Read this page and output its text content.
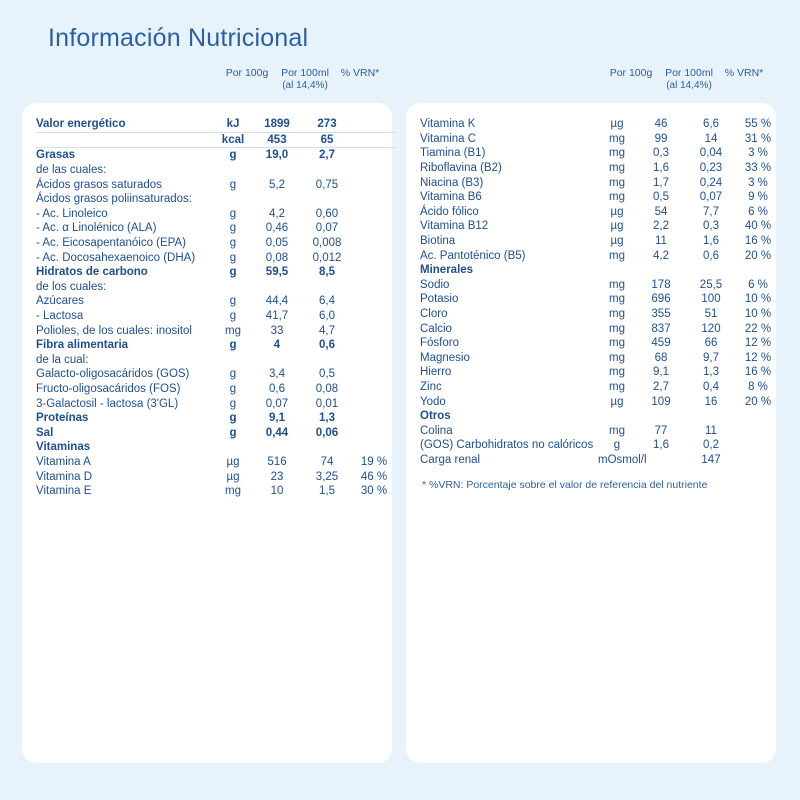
Información Nutricional
Por 100g	Por 100ml
(al 14,4%)
% VRN*
Valor energético	kJ	1899	273	
	kcal	453	65	
Grasas	g	19,0	2,7	
de las cuales:				
Ácidos grasos saturados	g	5,2	0,75	
Ácidos grasos poliinsaturados:				
- Ac. Linoleico	g	4,2	0,60	
- Ac. α Linolénico (ALA)	g	0,46	0,07	
- Ac. Eicosapentanóico (EPA)	g	0,05	0,008	
- Ac. Docosahexaenoico (DHA)	g	0,08	0,012	
Hidratos de carbono	g	59,5	8,5	
de los cuales:				
Azúcares	g	44,4	6,4	
- Lactosa	g	41,7	6,0	
Polioles, de los cuales: inositol	mg	33	4,7	
Fibra alimentaria	g	4	0,6	
de la cual:				
Galacto-oligosacáridos (GOS)	g	3,4	0,5	
Fructo-oligosacáridos (FOS)	g	0,6	0,08	
3-Galactosil - lactosa (3'GL)	g	0,07	0,01	
Proteínas	g	9,1	1,3	
Sal	g	0,44	0,06	
Vitaminas				
Vitamina A	µg	516	74	19 %
Vitamina D	µg	23	3,25	46 %
Vitamina E	mg	10	1,5	30 %
Por 100g	Por 100ml
(al 14,4%)
% VRN*
Vitamina K	µg	46	6,6	55 %
Vitamina C	mg	99	14	31 %
Tiamina (B1)	mg	0,3	0,04	3 %
Riboflavina (B2)	mg	1,6	0,23	33 %
Niacina (B3)	mg	1,7	0,24	3 %
Vitamina B6	mg	0,5	0,07	9 %
Ácido fólico	µg	54	7,7	6 %
Vitamina B12	µg	2,2	0,3	40 %
Biotina	µg	11	1,6	16 %
Ac. Pantoténico (B5)	mg	4,2	0,6	20 %
Minerales				
Sodio	mg	178	25,5	6 %
Potasio	mg	696	100	10 %
Cloro	mg	355	51	10 %
Calcio	mg	837	120	22 %
Fósforo	mg	459	66	12 %
Magnesio	mg	68	9,7	12 %
Hierro	mg	9,1	1,3	16 %
Zinc	mg	2,7	0,4	8 %
Yodo	µg	109	16	20 %
Otros				
Colina	mg	77	11	
(GOS) Carbohidratos no calóricos	g	1,6	0,2	
Carga renal	mOsmol/l		147	
* %VRN: Porcentaje sobre el valor de referencia del nutriente
